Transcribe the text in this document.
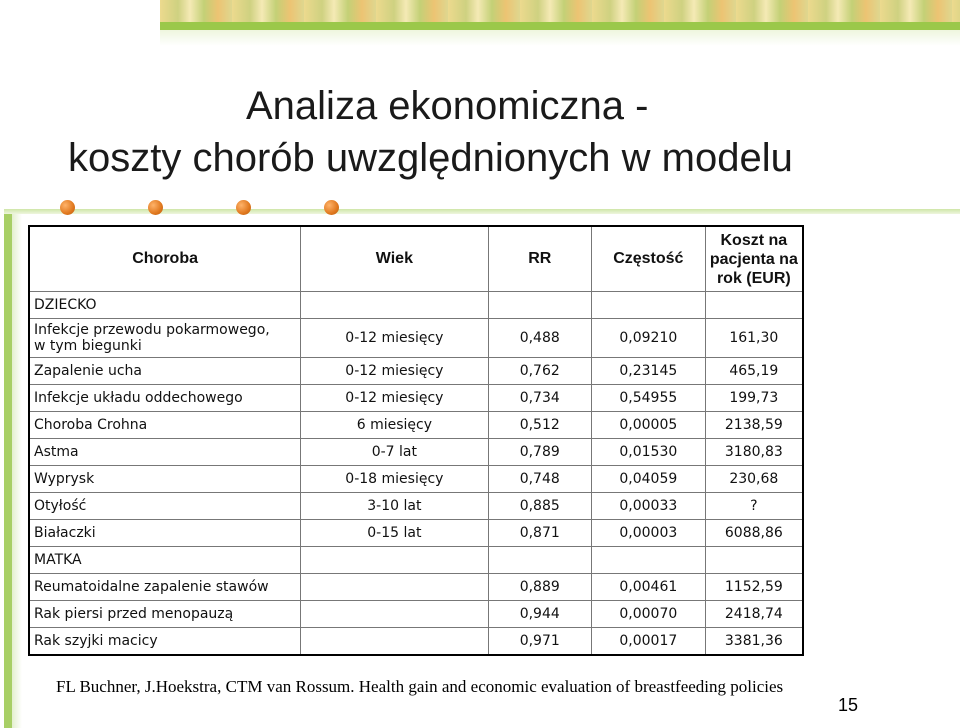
Analiza ekonomiczna -
koszty chorób uwzględnionych w modelu
Choroba	Wiek	RR	Częstość	Koszt na
pacjenta na
rok (EUR)
DZIECKO				
Infekcje przewodu pokarmowego,
w tym biegunki	0-12 miesięcy	0,488	0,09210	161,30
Zapalenie ucha	0-12 miesięcy	0,762	0,23145	465,19
Infekcje układu oddechowego	0-12 miesięcy	0,734	0,54955	199,73
Choroba Crohna	6 miesięcy	0,512	0,00005	2138,59
Astma	0-7 lat	0,789	0,01530	3180,83
Wyprysk	0-18 miesięcy	0,748	0,04059	230,68
Otyłość	3-10 lat	0,885	0,00033	?
Białaczki	0-15 lat	0,871	0,00003	6088,86
MATKA				
Reumatoidalne zapalenie stawów		0,889	0,00461	1152,59
Rak piersi przed menopauzą		0,944	0,00070	2418,74
Rak szyjki macicy		0,971	0,00017	3381,36
FL Buchner, J.Hoekstra, CTM van Rossum. Health gain and economic evaluation of breastfeeding policies
15
